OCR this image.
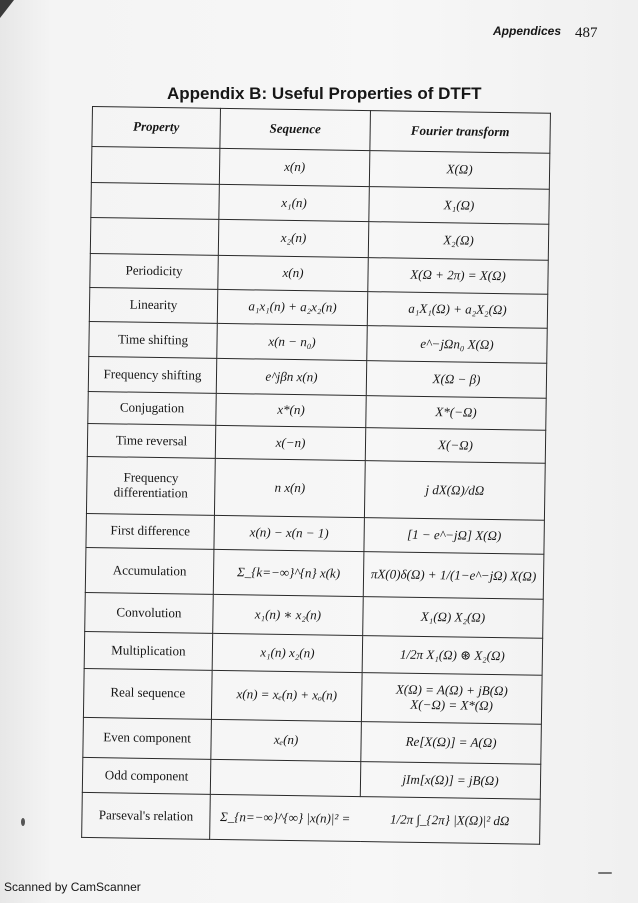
Appendices 487
Appendix B: Useful Properties of DTFT
Property	Sequence	Fourier transform
	x(n)	X(Ω)
	x₁(n)	X₁(Ω)
	x₂(n)	X₂(Ω)
Periodicity	x(n)	X(Ω + 2π) = X(Ω)
Linearity	a₁x₁(n) + a₂x₂(n)	a₁X₁(Ω) + a₂X₂(Ω)
Time shifting	x(n − n₀)	e^−jΩn₀ X(Ω)
Frequency shifting	e^jβn x(n)	X(Ω − β)
Conjugation	x*(n)	X*(−Ω)
Time reversal	x(−n)	X(−Ω)
Frequency differentiation	n x(n)	j dX(Ω)/dΩ
First difference	x(n) − x(n − 1)	[1 − e^−jΩ] X(Ω)
Accumulation	Σ_{k=−∞}^{n} x(k)	πX(0)δ(Ω) + 1/(1−e^−jΩ) X(Ω)
Convolution	x₁(n) ∗ x₂(n)	X₁(Ω) X₂(Ω)
Multiplication	x₁(n) x₂(n)	1/2π X₁(Ω) ⊛ X₂(Ω)
Real sequence	x(n) = xₑ(n) + xₒ(n)	X(Ω) = A(Ω) + jB(Ω)
X(−Ω) = X*(Ω)

Even component	xₑ(n)	Re[X(Ω)] = A(Ω)
Odd component		jIm[x(Ω)] = jB(Ω)
Parseval's relation	Σ_{n=−∞}^{∞} |x(n)|² =	1/2π ∫_{2π} |X(Ω)|² dΩ
Scanned by CamScanner
